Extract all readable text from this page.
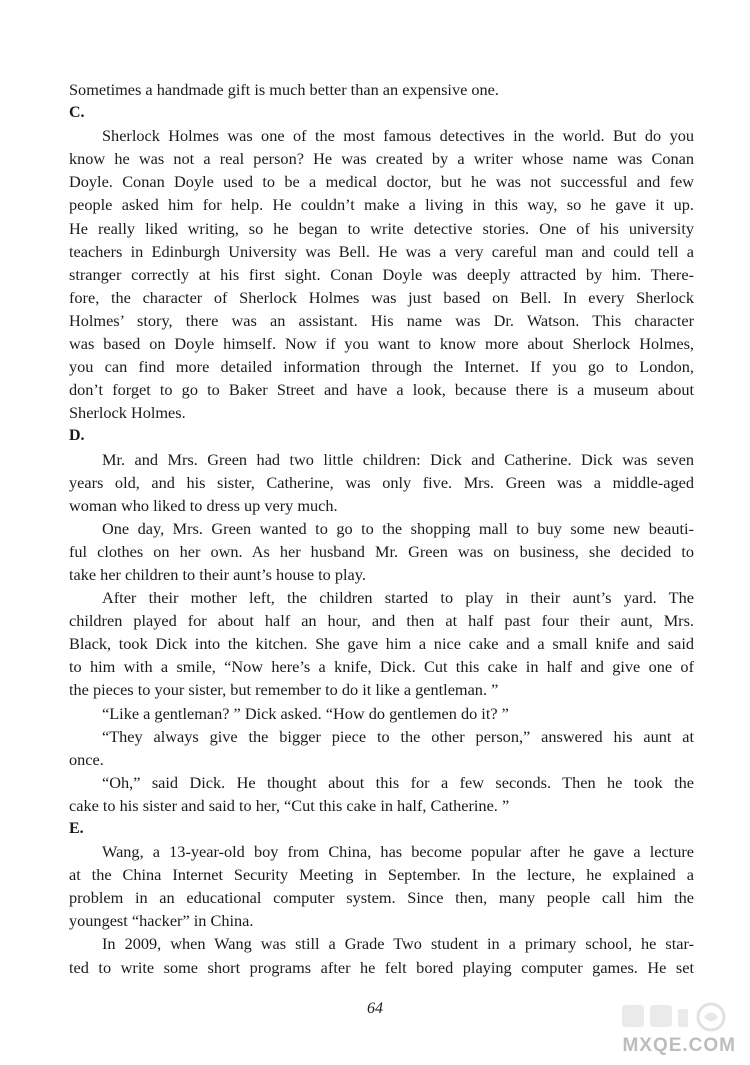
Sometimes a handmade gift is much better than an expensive one.
C.
Sherlock Holmes was one of the most famous detectives in the world. But do you
know he was not a real person? He was created by a writer whose name was Conan
Doyle. Conan Doyle used to be a medical doctor, but he was not successful and few
people asked him for help. He couldn’t make a living in this way, so he gave it up.
He really liked writing, so he began to write detective stories. One of his university
teachers in Edinburgh University was Bell. He was a very careful man and could tell a
stranger correctly at his first sight. Conan Doyle was deeply attracted by him. There-
fore, the character of Sherlock Holmes was just based on Bell. In every Sherlock
Holmes’ story, there was an assistant. His name was Dr. Watson. This character
was based on Doyle himself. Now if you want to know more about Sherlock Holmes,
you can find more detailed information through the Internet. If you go to London,
don’t forget to go to Baker Street and have a look, because there is a museum about
Sherlock Holmes.
D.
Mr. and Mrs. Green had two little children: Dick and Catherine. Dick was seven
years old, and his sister, Catherine, was only five. Mrs. Green was a middle-aged
woman who liked to dress up very much.
One day, Mrs. Green wanted to go to the shopping mall to buy some new beauti-
ful clothes on her own. As her husband Mr. Green was on business, she decided to
take her children to their aunt’s house to play.
After their mother left, the children started to play in their aunt’s yard. The
children played for about half an hour, and then at half past four their aunt, Mrs.
Black, took Dick into the kitchen. She gave him a nice cake and a small knife and said
to him with a smile, “Now here’s a knife, Dick. Cut this cake in half and give one of
the pieces to your sister, but remember to do it like a gentleman. ”
“Like a gentleman? ” Dick asked. “How do gentlemen do it? ”
“They always give the bigger piece to the other person,” answered his aunt at
once.
“Oh,” said Dick. He thought about this for a few seconds. Then he took the
cake to his sister and said to her, “Cut this cake in half, Catherine. ”
E.
Wang, a 13-year-old boy from China, has become popular after he gave a lecture
at the China Internet Security Meeting in September. In the lecture, he explained a
problem in an educational computer system. Since then, many people call him the
youngest “hacker” in China.
In 2009, when Wang was still a Grade Two student in a primary school, he star-
ted to write some short programs after he felt bored playing computer games. He set
64
MXQE.COM
